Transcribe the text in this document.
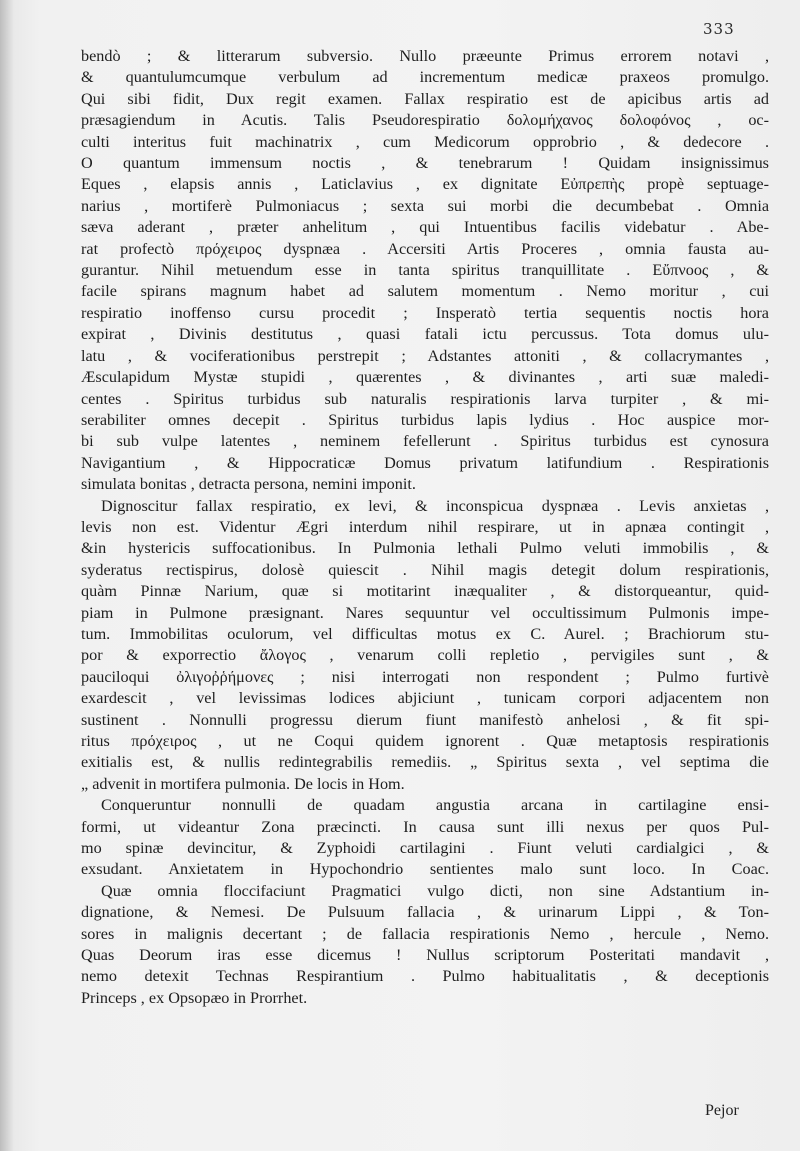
333
bendò ; & litterarum subversio. Nullo præeunte Primus errorem notavi ,
& quantulumcumque verbulum ad incrementum medicæ praxeos promulgo.
Qui sibi fidit, Dux regit examen. Fallax respiratio est de apicibus artis ad
præsagiendum in Acutis. Talis Pseudorespiratio δολομήχανος δολοφόνος , oc-
culti interitus fuit machinatrix , cum Medicorum opprobrio , & dedecore .
O quantum immensum noctis , & tenebrarum ! Quidam insignissimus
Eques , elapsis annis , Laticlavius , ex dignitate Εὐπρεπὴς propè septuage-
narius , mortiferè Pulmoniacus ; sexta sui morbi die decumbebat . Omnia
sæva aderant , præter anhelitum , qui Intuentibus facilis videbatur . Abe-
rat profectò πρόχειρος dyspnæa . Accersiti Artis Proceres , omnia fausta au-
gurantur. Nihil metuendum esse in tanta spiritus tranquillitate . Εὔπνοος , &
facile spirans magnum habet ad salutem momentum . Nemo moritur , cui
respiratio inoffenso cursu procedit ; Insperatò tertia sequentis noctis hora
expirat , Divinis destitutus , quasi fatali ictu percussus. Tota domus ulu-
latu , & vociferationibus perstrepit ; Adstantes attoniti , & collacrymantes ,
Æsculapidum Mystæ stupidi , quærentes , & divinantes , arti suæ maledi-
centes . Spiritus turbidus sub naturalis respirationis larva turpiter , & mi-
serabiliter omnes decepit . Spiritus turbidus lapis lydius . Hoc auspice mor-
bi sub vulpe latentes , neminem fefellerunt . Spiritus turbidus est cynosura
Navigantium , & Hippocraticæ Domus privatum latifundium . Respirationis
simulata bonitas , detracta persona, nemini imponit.
Dignoscitur fallax respiratio, ex levi, & inconspicua dyspnæa . Levis anxietas ,
levis non est. Videntur Ægri interdum nihil respirare, ut in apnæa contingit ,
&in hystericis suffocationibus. In Pulmonia lethali Pulmo veluti immobilis , &
syderatus rectispirus, dolosè quiescit . Nihil magis detegit dolum respirationis,
quàm Pinnæ Narium, quæ si motitarint inæqualiter , & distorqueantur, quid-
piam in Pulmone præsignant. Nares sequuntur vel occultissimum Pulmonis impe-
tum. Immobilitas oculorum, vel difficultas motus ex C. Aurel. ; Brachiorum stu-
por & exporrectio ἄλογος , venarum colli repletio , pervigiles sunt , &
pauciloqui ὀλιγοῤῥήμονες ; nisi interrogati non respondent ; Pulmo furtivè
exardescit , vel levissimas lodices abjiciunt , tunicam corpori adjacentem non
sustinent . Nonnulli progressu dierum fiunt manifestò anhelosi , & fit spi-
ritus πρόχειρος , ut ne Coqui quidem ignorent . Quæ metaptosis respirationis
exitialis est, & nullis redintegrabilis remediis. „ Spiritus sexta , vel septima die
„ advenit in mortifera pulmonia. De locis in Hom.
Conqueruntur nonnulli de quadam angustia arcana in cartilagine ensi-
formi, ut videantur Zona præcincti. In causa sunt illi nexus per quos Pul-
mo spinæ devincitur, & Zyphoidi cartilagini . Fiunt veluti cardialgici , &
exsudant. Anxietatem in Hypochondrio sentientes malo sunt loco. In Coac.
Quæ omnia floccifaciunt Pragmatici vulgo dicti, non sine Adstantium in-
dignatione, & Nemesi. De Pulsuum fallacia , & urinarum Lippi , & Ton-
sores in malignis decertant ; de fallacia respirationis Nemo , hercule , Nemo.
Quas Deorum iras esse dicemus ! Nullus scriptorum Posteritati mandavit ,
nemo detexit Technas Respirantium . Pulmo habitualitatis , & deceptionis
Princeps , ex Opsopæo in Prorrhet.
Pejor
